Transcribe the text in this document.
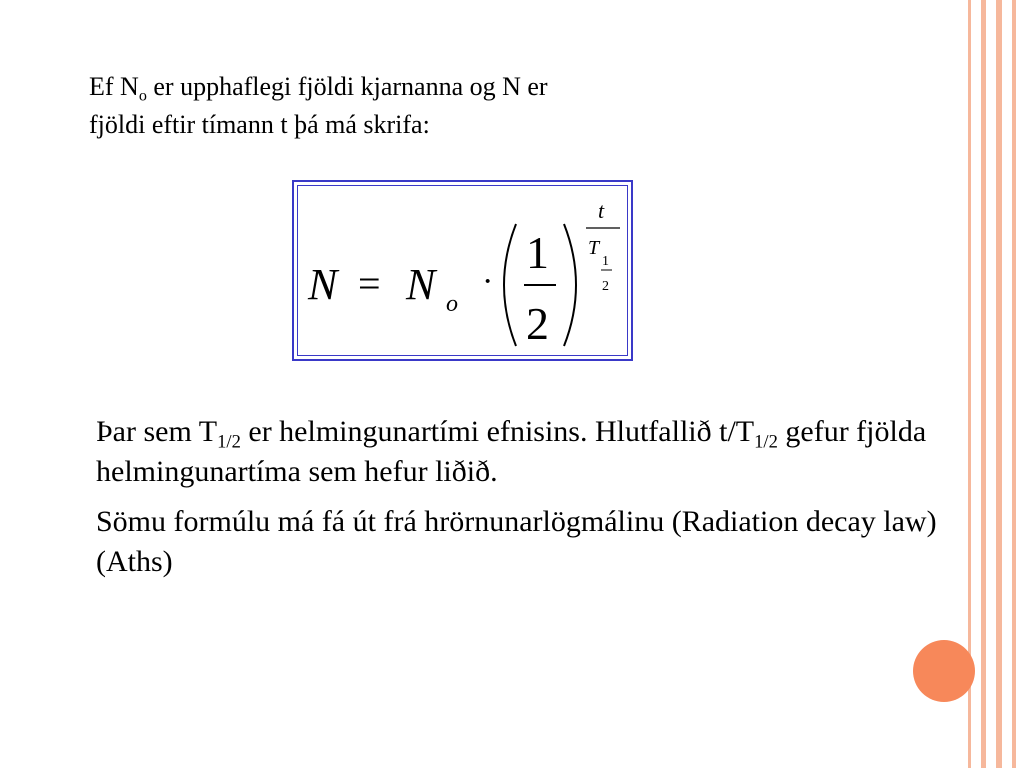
Ef $N_o$ er upphaflegi fjöldi kjarnanna og N er
fjöldi eftir tímann t þá má skrifa:
N = N o
·
1
2
t
T
1
2

Þar sem $T_{1/2}$ er helmingunartími efnisins. Hlutfallið $t/T_{1/2}$ gefur fjölda helmingunartíma sem hefur liðið.

Sömu formúlu má fá út frá hrörnunarlögmálinu (Radiation decay law) (Aths)
